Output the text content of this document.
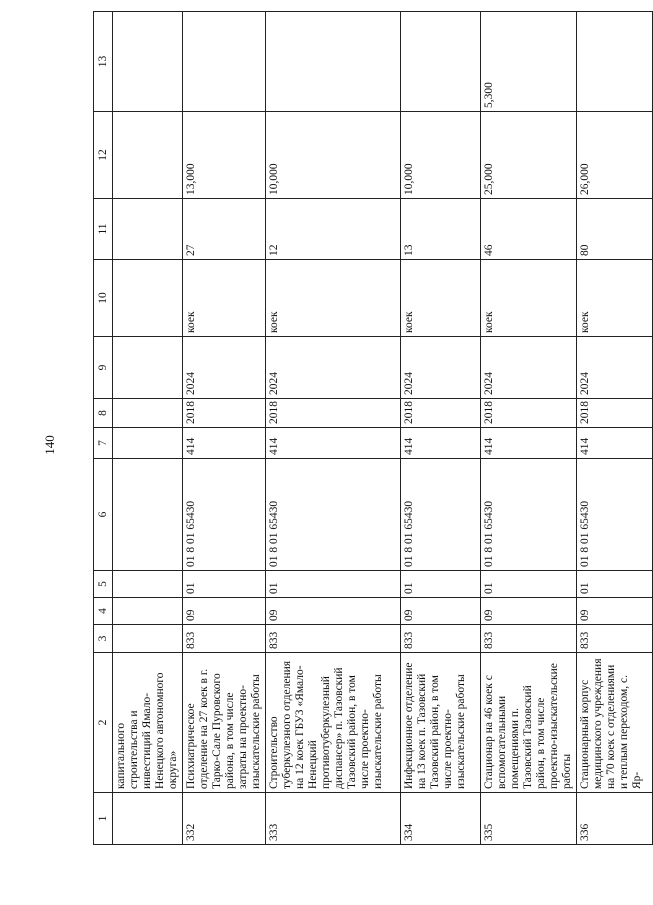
140
1	2	3	4	5	6	7	8	9	10	11	12	13
	капитального строительства и инвестиций Ямало-Ненецкого автономного округа»											
332	Психиатрическое отделение на 27 коек в г. Тарко-Сале Пуровского района, в том числе затраты на проектно-изыскательские работы	833	09	01	01 8 01 65430	414	2018	2024	коек	27	13,000	
333	Строительство туберкулезного отделения на 12 коек ГБУЗ «Ямало-Ненецкий противотуберкулезный диспансер» п. Тазовский Тазовский район, в том числе проектно-изыскательские работы	833	09	01	01 8 01 65430	414	2018	2024	коек	12	10,000	
334	Инфекционное отделение на 13 коек п. Тазовский Тазовский район, в том числе проектно-изыскательские работы	833	09	01	01 8 01 65430	414	2018	2024	коек	13	10,000	
335	Стационар на 46 коек с вспомогательными помещениями п. Тазовский Тазовский район, в том числе проектно-изыскательские работы	833	09	01	01 8 01 65430	414	2018	2024	коек	46	25,000	5,300
336	Стационарный корпус медицинского учреждения на 70 коек с отделениями и теплым переходом, с. Яр-	833	09	01	01 8 01 65430	414	2018	2024	коек	80	26,000	
